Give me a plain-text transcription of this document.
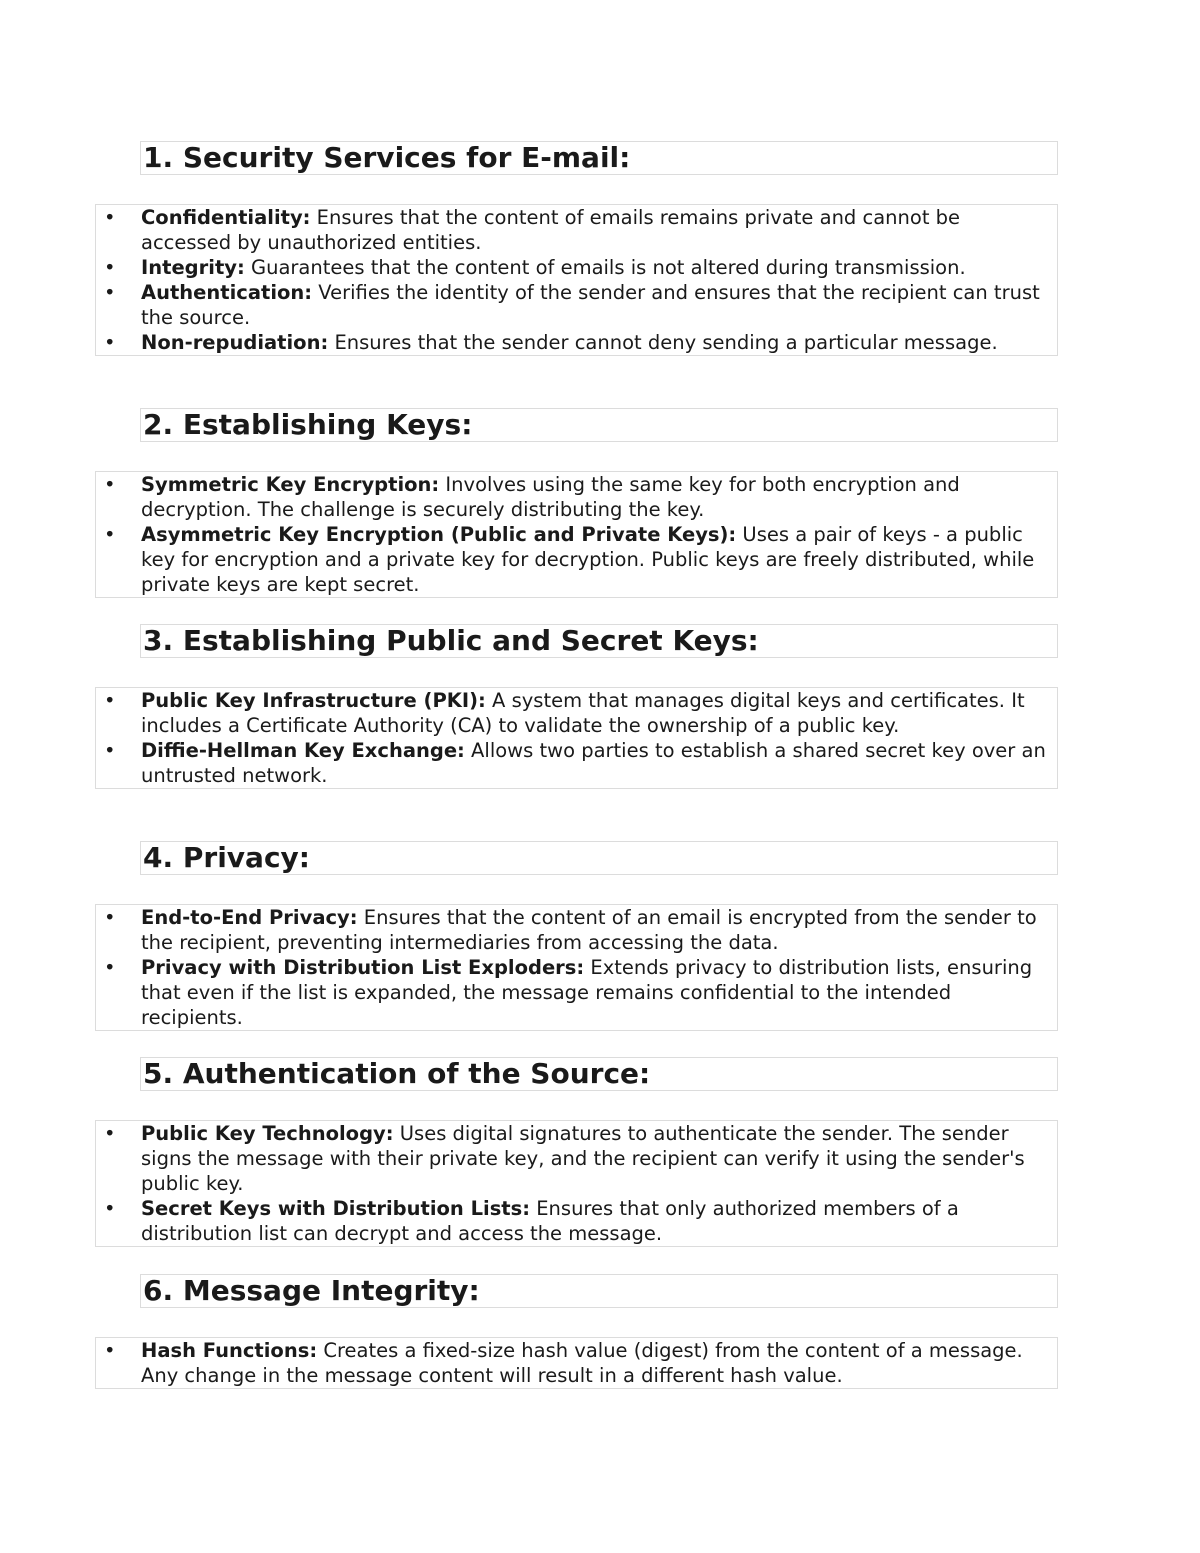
1. Security Services for E-mail:
•	Confidentiality: Ensures that the content of emails remains private and cannot be accessed by unauthorized entities.
•	Integrity: Guarantees that the content of emails is not altered during transmission.
•	Authentication: Verifies the identity of the sender and ensures that the recipient can trust the source.
•	Non-repudiation: Ensures that the sender cannot deny sending a particular message.
2. Establishing Keys:
•	Symmetric Key Encryption: Involves using the same key for both encryption and decryption. The challenge is securely distributing the key.
•	Asymmetric Key Encryption (Public and Private Keys): Uses a pair of keys - a public key for encryption and a private key for decryption. Public keys are freely distributed, while private keys are kept secret.
3. Establishing Public and Secret Keys:
•	Public Key Infrastructure (PKI): A system that manages digital keys and certificates. It includes a Certificate Authority (CA) to validate the ownership of a public key.
•	Diffie-Hellman Key Exchange: Allows two parties to establish a shared secret key over an untrusted network.
4. Privacy:
•	End-to-End Privacy: Ensures that the content of an email is encrypted from the sender to the recipient, preventing intermediaries from accessing the data.
•	Privacy with Distribution List Exploders: Extends privacy to distribution lists, ensuring that even if the list is expanded, the message remains confidential to the intended recipients.
5. Authentication of the Source:
•	Public Key Technology: Uses digital signatures to authenticate the sender. The sender signs the message with their private key, and the recipient can verify it using the sender's public key.
•	Secret Keys with Distribution Lists: Ensures that only authorized members of a distribution list can decrypt and access the message.
6. Message Integrity:
•	Hash Functions: Creates a fixed-size hash value (digest) from the content of a message. Any change in the message content will result in a different hash value.
